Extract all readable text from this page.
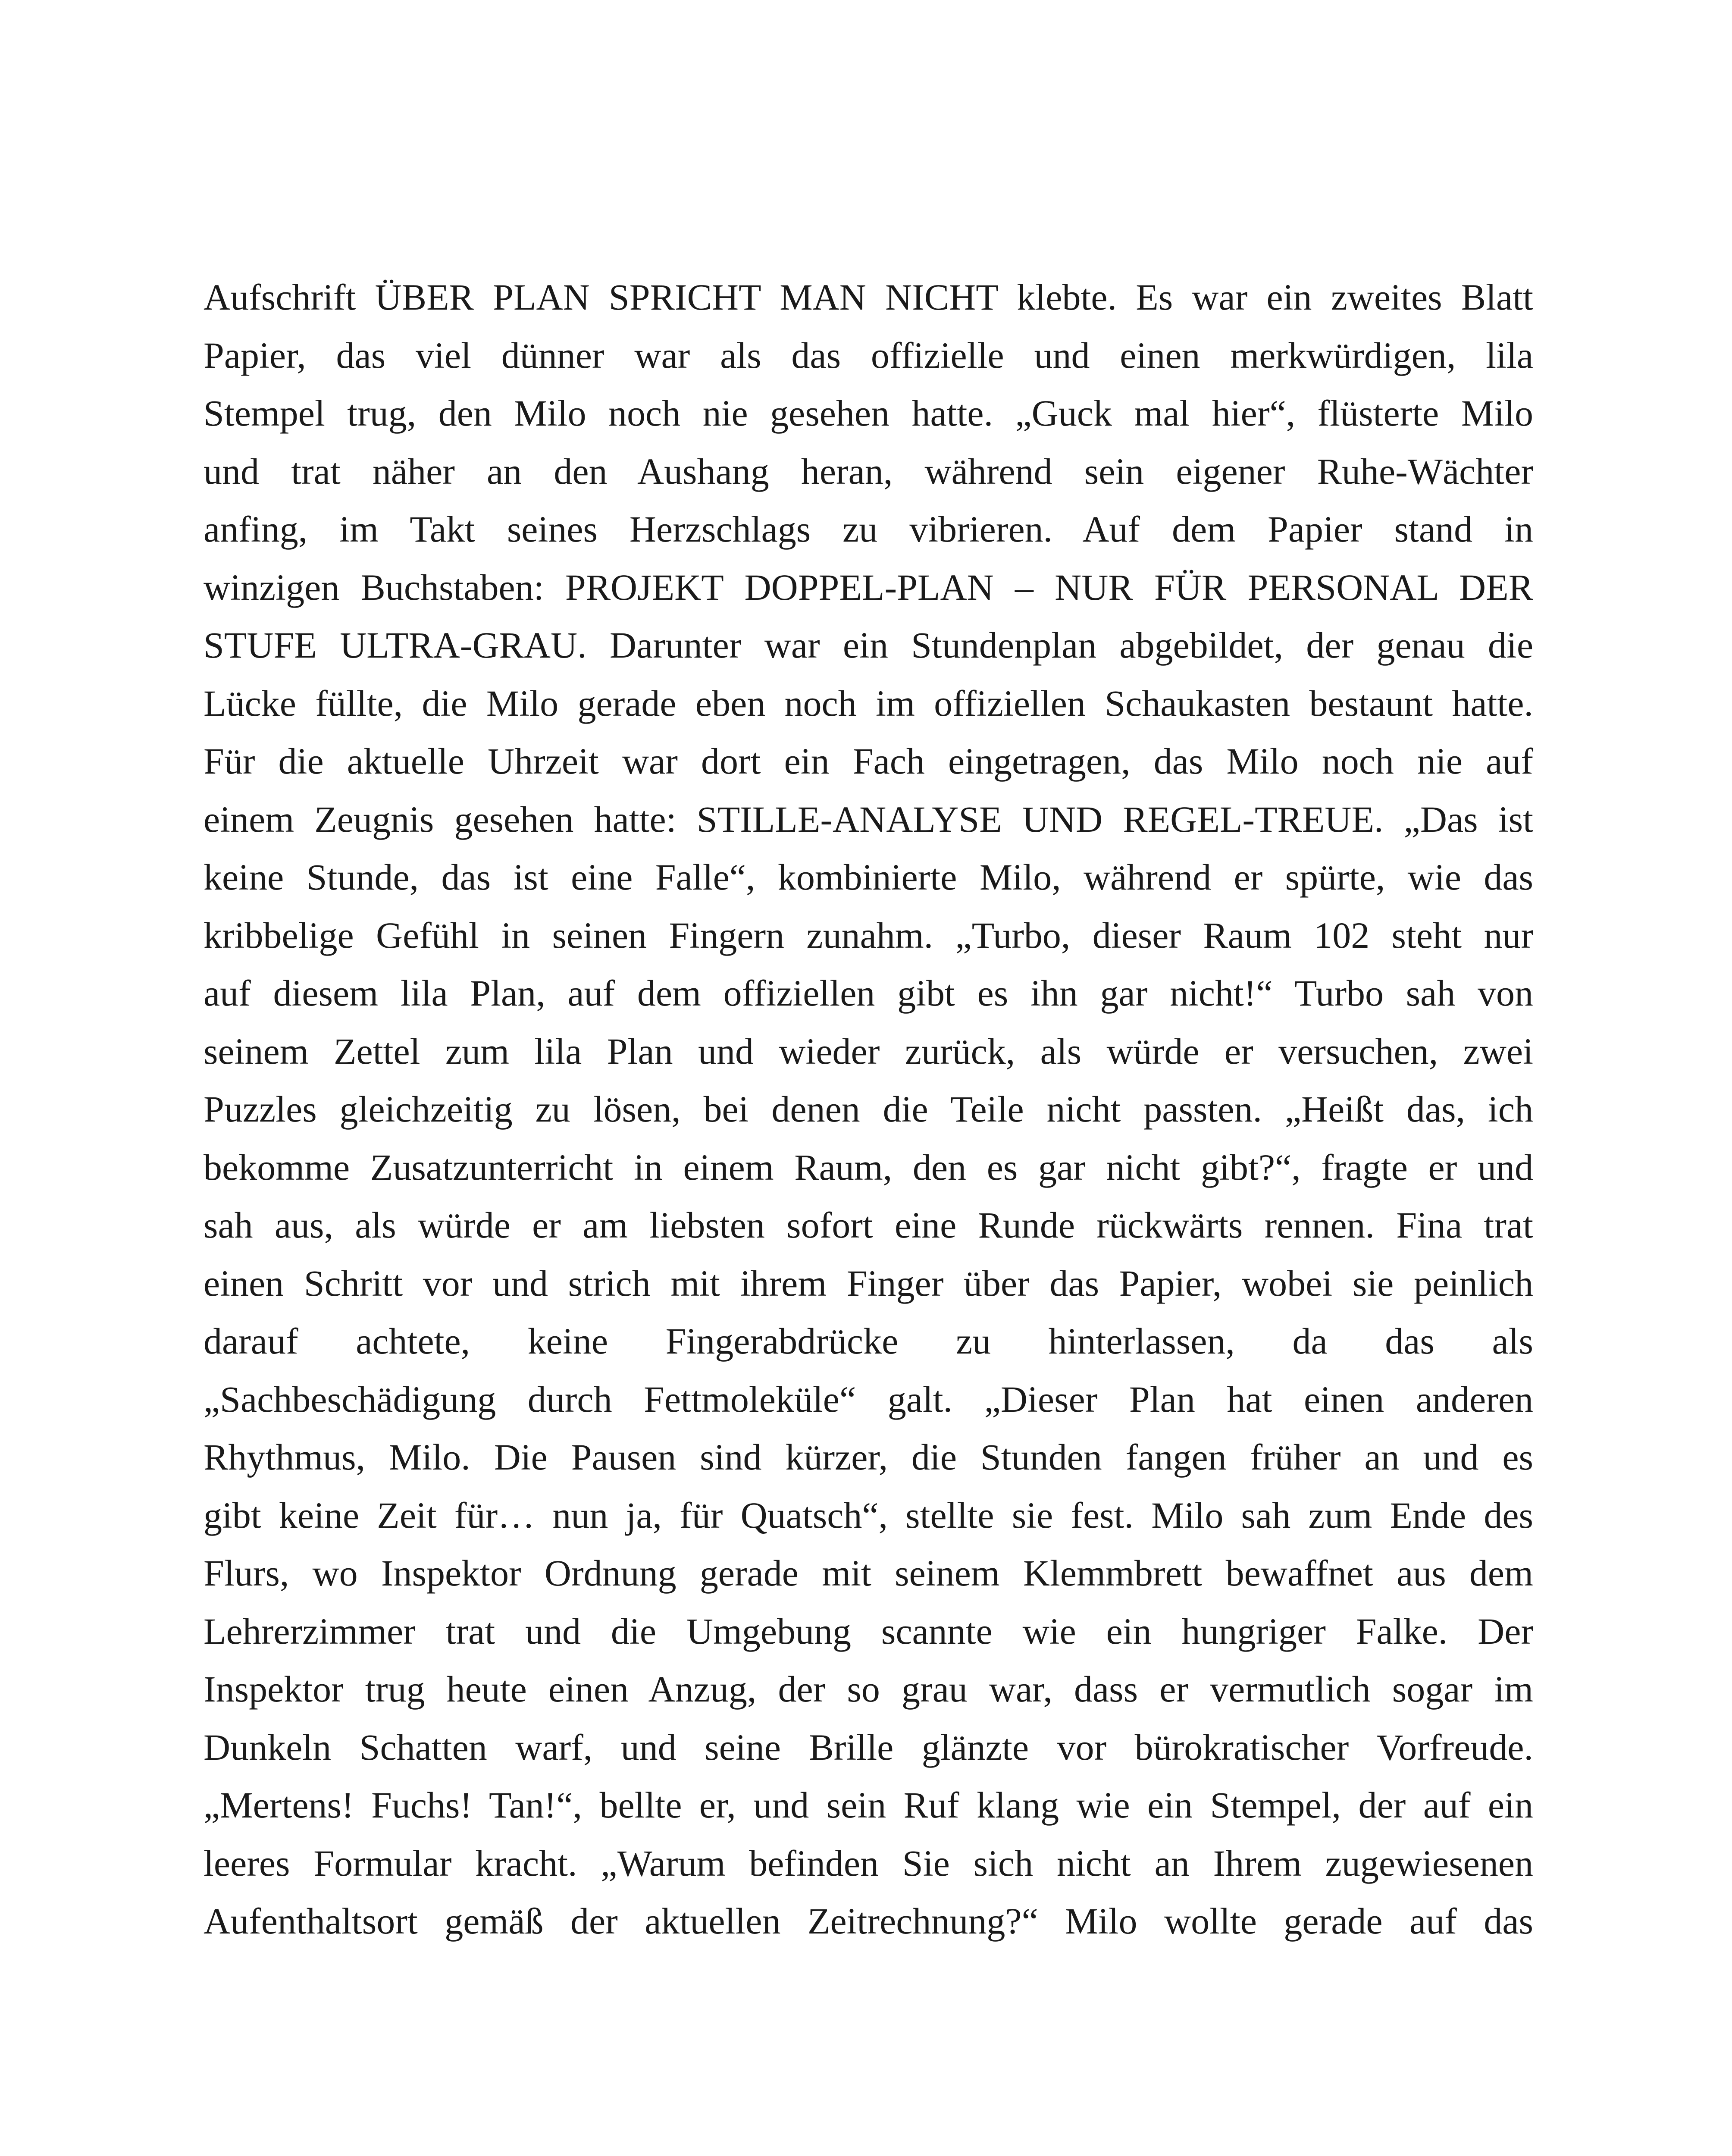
Aufschrift ÜBER PLAN SPRICHT MAN NICHT klebte. Es war ein zweites Blatt
Papier, das viel dünner war als das offizielle und einen merkwürdigen, lila
Stempel trug, den Milo noch nie gesehen hatte. „Guck mal hier“, flüsterte Milo
und trat näher an den Aushang heran, während sein eigener Ruhe-Wächter
anfing, im Takt seines Herzschlags zu vibrieren. Auf dem Papier stand in
winzigen Buchstaben: PROJEKT DOPPEL-PLAN – NUR FÜR PERSONAL DER
STUFE ULTRA-GRAU. Darunter war ein Stundenplan abgebildet, der genau die
Lücke füllte, die Milo gerade eben noch im offiziellen Schaukasten bestaunt hatte.
Für die aktuelle Uhrzeit war dort ein Fach eingetragen, das Milo noch nie auf
einem Zeugnis gesehen hatte: STILLE-ANALYSE UND REGEL-TREUE. „Das ist
keine Stunde, das ist eine Falle“, kombinierte Milo, während er spürte, wie das
kribbelige Gefühl in seinen Fingern zunahm. „Turbo, dieser Raum 102 steht nur
auf diesem lila Plan, auf dem offiziellen gibt es ihn gar nicht!“ Turbo sah von
seinem Zettel zum lila Plan und wieder zurück, als würde er versuchen, zwei
Puzzles gleichzeitig zu lösen, bei denen die Teile nicht passten. „Heißt das, ich
bekomme Zusatzunterricht in einem Raum, den es gar nicht gibt?“, fragte er und
sah aus, als würde er am liebsten sofort eine Runde rückwärts rennen. Fina trat
einen Schritt vor und strich mit ihrem Finger über das Papier, wobei sie peinlich
darauf achtete, keine Fingerabdrücke zu hinterlassen, da das als
„Sachbeschädigung durch Fettmoleküle“ galt. „Dieser Plan hat einen anderen
Rhythmus, Milo. Die Pausen sind kürzer, die Stunden fangen früher an und es
gibt keine Zeit für… nun ja, für Quatsch“, stellte sie fest. Milo sah zum Ende des
Flurs, wo Inspektor Ordnung gerade mit seinem Klemmbrett bewaffnet aus dem
Lehrerzimmer trat und die Umgebung scannte wie ein hungriger Falke. Der
Inspektor trug heute einen Anzug, der so grau war, dass er vermutlich sogar im
Dunkeln Schatten warf, und seine Brille glänzte vor bürokratischer Vorfreude.
„Mertens! Fuchs! Tan!“, bellte er, und sein Ruf klang wie ein Stempel, der auf ein
leeres Formular kracht. „Warum befinden Sie sich nicht an Ihrem zugewiesenen
Aufenthaltsort gemäß der aktuellen Zeitrechnung?“ Milo wollte gerade auf das
